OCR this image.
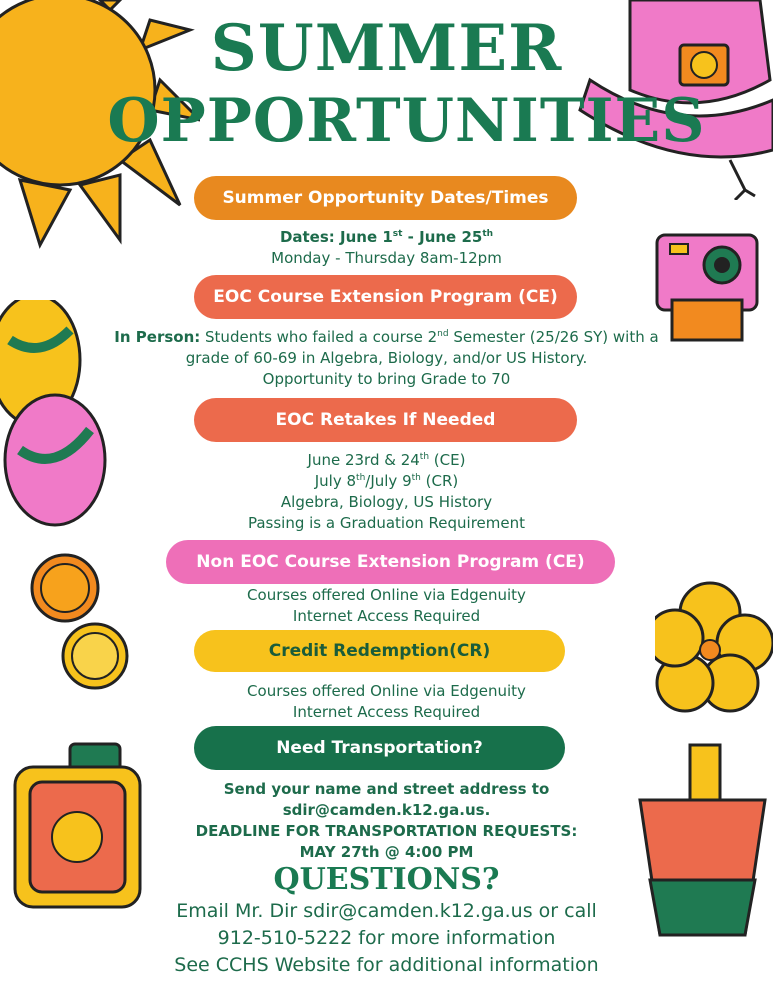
SUMMER
OPPORTUNITIES
Summer Opportunity Dates/Times
Dates: June 1st - June 25th
Monday - Thursday 8am-12pm
EOC Course Extension Program (CE)
In Person: Students who failed a course 2nd Semester (25/26 SY) with a
grade of 60-69 in Algebra, Biology, and/or US History.
Opportunity to bring Grade to 70
EOC Retakes If Needed
June 23rd & 24th (CE)
July 8th/July 9th (CR)
Algebra, Biology, US History
Passing is a Graduation Requirement
Non EOC Course Extension Program (CE)
Courses offered Online via Edgenuity
Internet Access Required
Credit Redemption(CR)
Courses offered Online via Edgenuity
Internet Access Required
Need Transportation?
Send your name and street address to
sdir@camden.k12.ga.us.
DEADLINE FOR TRANSPORTATION REQUESTS:
MAY 27th @ 4:00 PM
QUESTIONS?
Email Mr. Dir sdir@camden.k12.ga.us or call
912-510-5222 for more information
See CCHS Website for additional information
